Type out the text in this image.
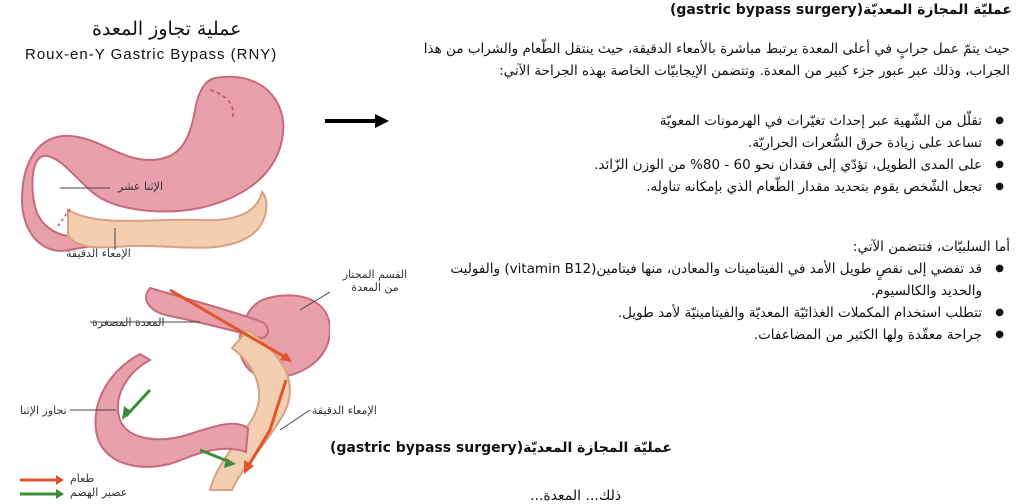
عملية تجاوز المعدة
Roux-en-Y Gastric Bypass (RNY)
الإثنا عشر
الإمعاء الدقيقة
القسم المجتاز من المعدة
المعدة المصغرة
تجاوز الإثنا	الإمعاء الدقيقة
طعام
عصير الهضم
عمليّة المجازة المعديّة(gastric bypass surgery)
حيث يتمّ عمل جرابٍ في أعلى المعدة يرتبط مباشرة بالأمعاء الدقيقة، حيث ينتقل الطّعام والشراب من هذا الجراب، وذلك عبر عبور جزء كبير من المعدة. وتتضمن الإيجابيّات الخاصة بهذه الجراحة الآتي:
● تقلّل من الشّهية عبر إحداث تغيّرات في الهرمونات المعويّة
● تساعد على زيادة حرق السُّعرات الحراريّة.
● على المدى الطويل، تؤدّي إلى فقدان نحو 60 - 80% من الوزن الزّائد.
● تجعل الشّخص يقوم بتحديد مقدار الطّعام الذي بإمكانه تناوله.
أما السلبيّات، فتتضمن الآتي:
● قد تفضي إلى نقصٍ طويل الأمد في الفيتامينات والمعادن، منها فيتامين(vitamin B12) والفوليت والحديد والكالسيوم.
● تتطلب استخدام المكملات الغذائيّة المعديّة والفيتامينيّة لأمد طويل.
● جراحة معقّدة ولها الكثير من المضاعفات.
عمليّة المجازة المعديّة(gastric bypass surgery)
ذلك... المعدة...
